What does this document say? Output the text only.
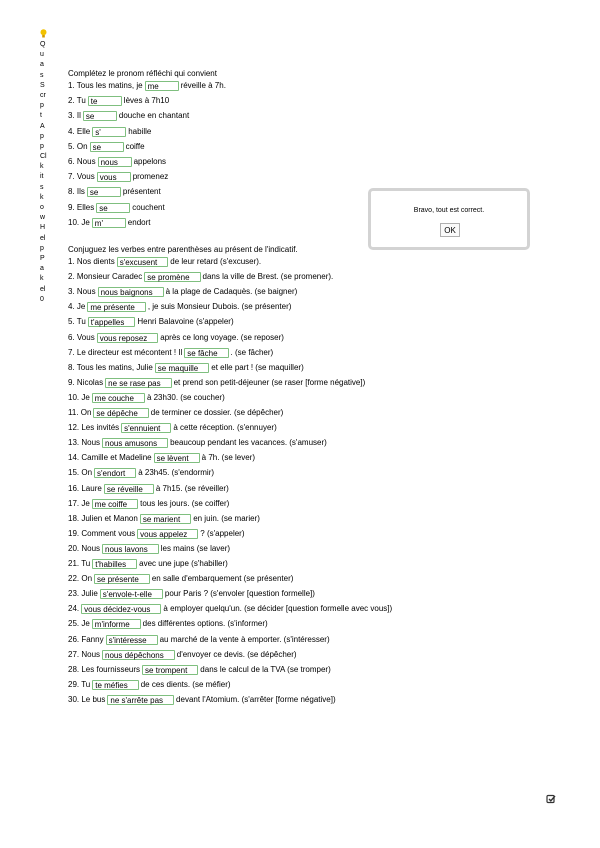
Q
u
a
s
S
cr
p
t
A
p
p
Cl
k
it
s
k
o
w
H
el
p
P
a
k
el
0
Complétez le pronom réfléchi qui convient
1. Tous les matins, je me	réveille à 7h.
2. Tu te	lèves à 7h10
3. Il se	douche en chantant
4. Elle s'	habille
5. On se	coiffe
6. Nous nous appelons
7. Vous vous promenez
8. Ils se	présentent
9. Elles se	couchent
10. Je m'	endort
Conjuguez les verbes entre parenthèses au présent de l'indicatif.
1. Nos dients s'excusent de leur retard (s'excuser).
2. Monsieur Caradec se promène dans la ville de Brest. (se promener).
3. Nous nous baignons à la plage de Cadaquès. (se baigner)
4. Je me présente , je suis Monsieur Dubois. (se présenter)
5. Tu t'appelles Henri Balavoine (s'appeler)
6. Vous vous reposez après ce long voyage. (se reposer)
7. Le directeur est mécontent ! Il se fâche . (se fâcher)
8. Tous les matins, Julie se maquille et elle part ! (se maquiller)
9. Nicolas ne se rase pas et prend son petit-déjeuner (se raser [forme négative])
10. Je me couche à 23h30. (se coucher)
11. On se dépêche de terminer ce dossier. (se dépêcher)
12. Les invités s'ennuient à cette réception. (s'ennuyer)
13. Nous nous amusons beaucoup pendant les vacances. (s'amuser)
14. Camille et Madeline se lèvent à 7h. (se lever)
15. On s'endort à 23h45. (s'endormir)
16. Laure se réveille à 7h15. (se réveiller)
17. Je me coiffe tous les jours. (se coiffer)
18. Julien et Manon se marient en juin. (se marier)
19. Comment vous vous appelez ? (s'appeler)
20. Nous nous lavons les mains (se laver)
21. Tu t'habilles avec une jupe (s'habiller)
22. On se présente en salle d'embarquement (se présenter)
23. Julie s'envole-t-elle pour Paris ? (s'envoler [question formelle])
24. vous décidez-vous à employer quelqu'un. (se décider [question formelle avec vous])
25. Je m'informe des différentes options. (s'informer)
26. Fanny s'intéresse au marché de la vente à emporter. (s'intéresser)
27. Nous nous dépêchons d'envoyer ce devis. (se dépêcher)
28. Les fournisseurs se trompent dans le calcul de la TVA (se tromper)
29. Tu te méfies de ces dients. (se méfier)
30. Le bus ne s'arrête pas devant l'Atomium. (s'arrêter [forme négative])
Bravo, tout est correct.
OK
